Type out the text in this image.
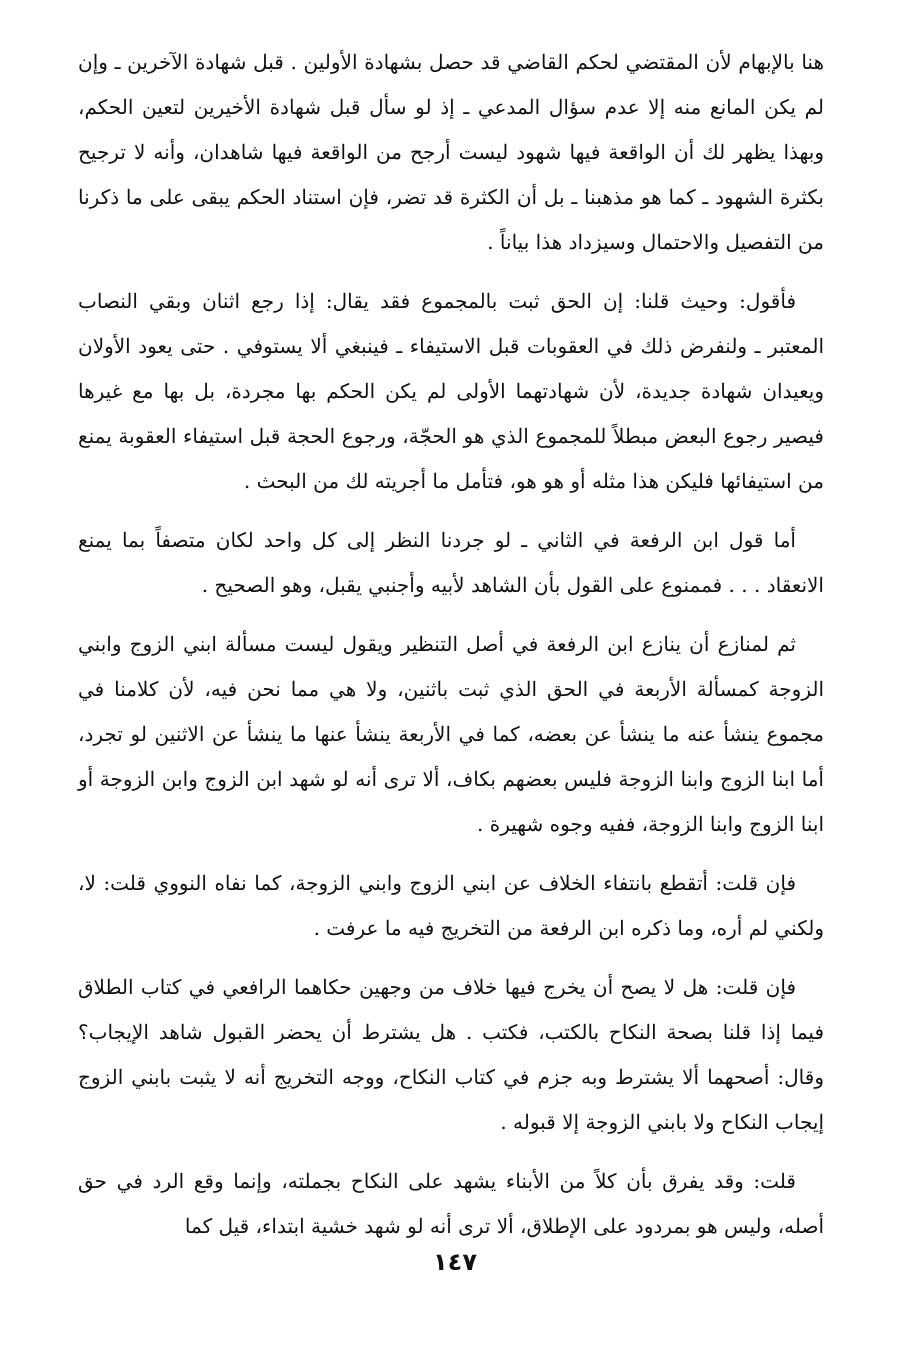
هنا بالإبهام لأن المقتضي لحكم القاضي قد حصل بشهادة الأولين . قبل شهادة الآخرين ـ وإن لم يكن المانع منه إلا عدم سؤال المدعي ـ إذ لو سأل قبل شهادة الأخيرين لتعين الحكم، وبهذا يظهر لك أن الواقعة فيها شهود ليست أرجح من الواقعة فيها شاهدان، وأنه لا ترجيح بكثرة الشهود ـ كما هو مذهبنا ـ بل أن الكثرة قد تضر، فإن استناد الحكم يبقى على ما ذكرنا من التفصيل والاحتمال وسيزداد هذا بياناً .

فأقول: وحيث قلنا: إن الحق ثبت بالمجموع فقد يقال: إذا رجع اثنان وبقي النصاب المعتبر ـ ولنفرض ذلك في العقوبات قبل الاستيفاء ـ فينبغي ألا يستوفي . حتى يعود الأولان ويعيدان شهادة جديدة، لأن شهادتهما الأولى لم يكن الحكم بها مجردة، بل بها مع غيرها فيصير رجوع البعض مبطلاً للمجموع الذي هو الحجّة، ورجوع الحجة قبل استيفاء العقوبة يمنع من استيفائها فليكن هذا مثله أو هو هو، فتأمل ما أجريته لك من البحث .

أما قول ابن الرفعة في الثاني ـ لو جردنا النظر إلى كل واحد لكان متصفاً بما يمنع الانعقاد . . . فممنوع على القول بأن الشاهد لأبيه وأجنبي يقبل، وهو الصحيح .

ثم لمنازع أن ينازع ابن الرفعة في أصل التنظير ويقول ليست مسألة ابني الزوج وابني الزوجة كمسألة الأربعة في الحق الذي ثبت باثنين، ولا هي مما نحن فيه، لأن كلامنا في مجموع ينشأ عنه ما ينشأ عن بعضه، كما في الأربعة ينشأ عنها ما ينشأ عن الاثنين لو تجرد، أما ابنا الزوج وابنا الزوجة فليس بعضهم بكاف، ألا ترى أنه لو شهد ابن الزوج وابن الزوجة أو ابنا الزوج وابنا الزوجة، ففيه وجوه شهيرة .

فإن قلت: أتقطع بانتفاء الخلاف عن ابني الزوج وابني الزوجة، كما نفاه النووي قلت: لا، ولكني لم أره، وما ذكره ابن الرفعة من التخريج فيه ما عرفت .

فإن قلت: هل لا يصح أن يخرج فيها خلاف من وجهين حكاهما الرافعي في كتاب الطلاق فيما إذا قلنا بصحة النكاح بالكتب، فكتب . هل يشترط أن يحضر القبول شاهد الإيجاب؟ وقال: أصحهما ألا يشترط وبه جزم في كتاب النكاح، ووجه التخريج أنه لا يثبت بابني الزوج إيجاب النكاح ولا بابني الزوجة إلا قبوله .

قلت: وقد يفرق بأن كلاً من الأبناء يشهد على النكاح بجملته، وإنما وقع الرد في حق أصله، وليس هو بمردود على الإطلاق، ألا ترى أنه لو شهد خشية ابتداء، قيل كما

١٤٧
